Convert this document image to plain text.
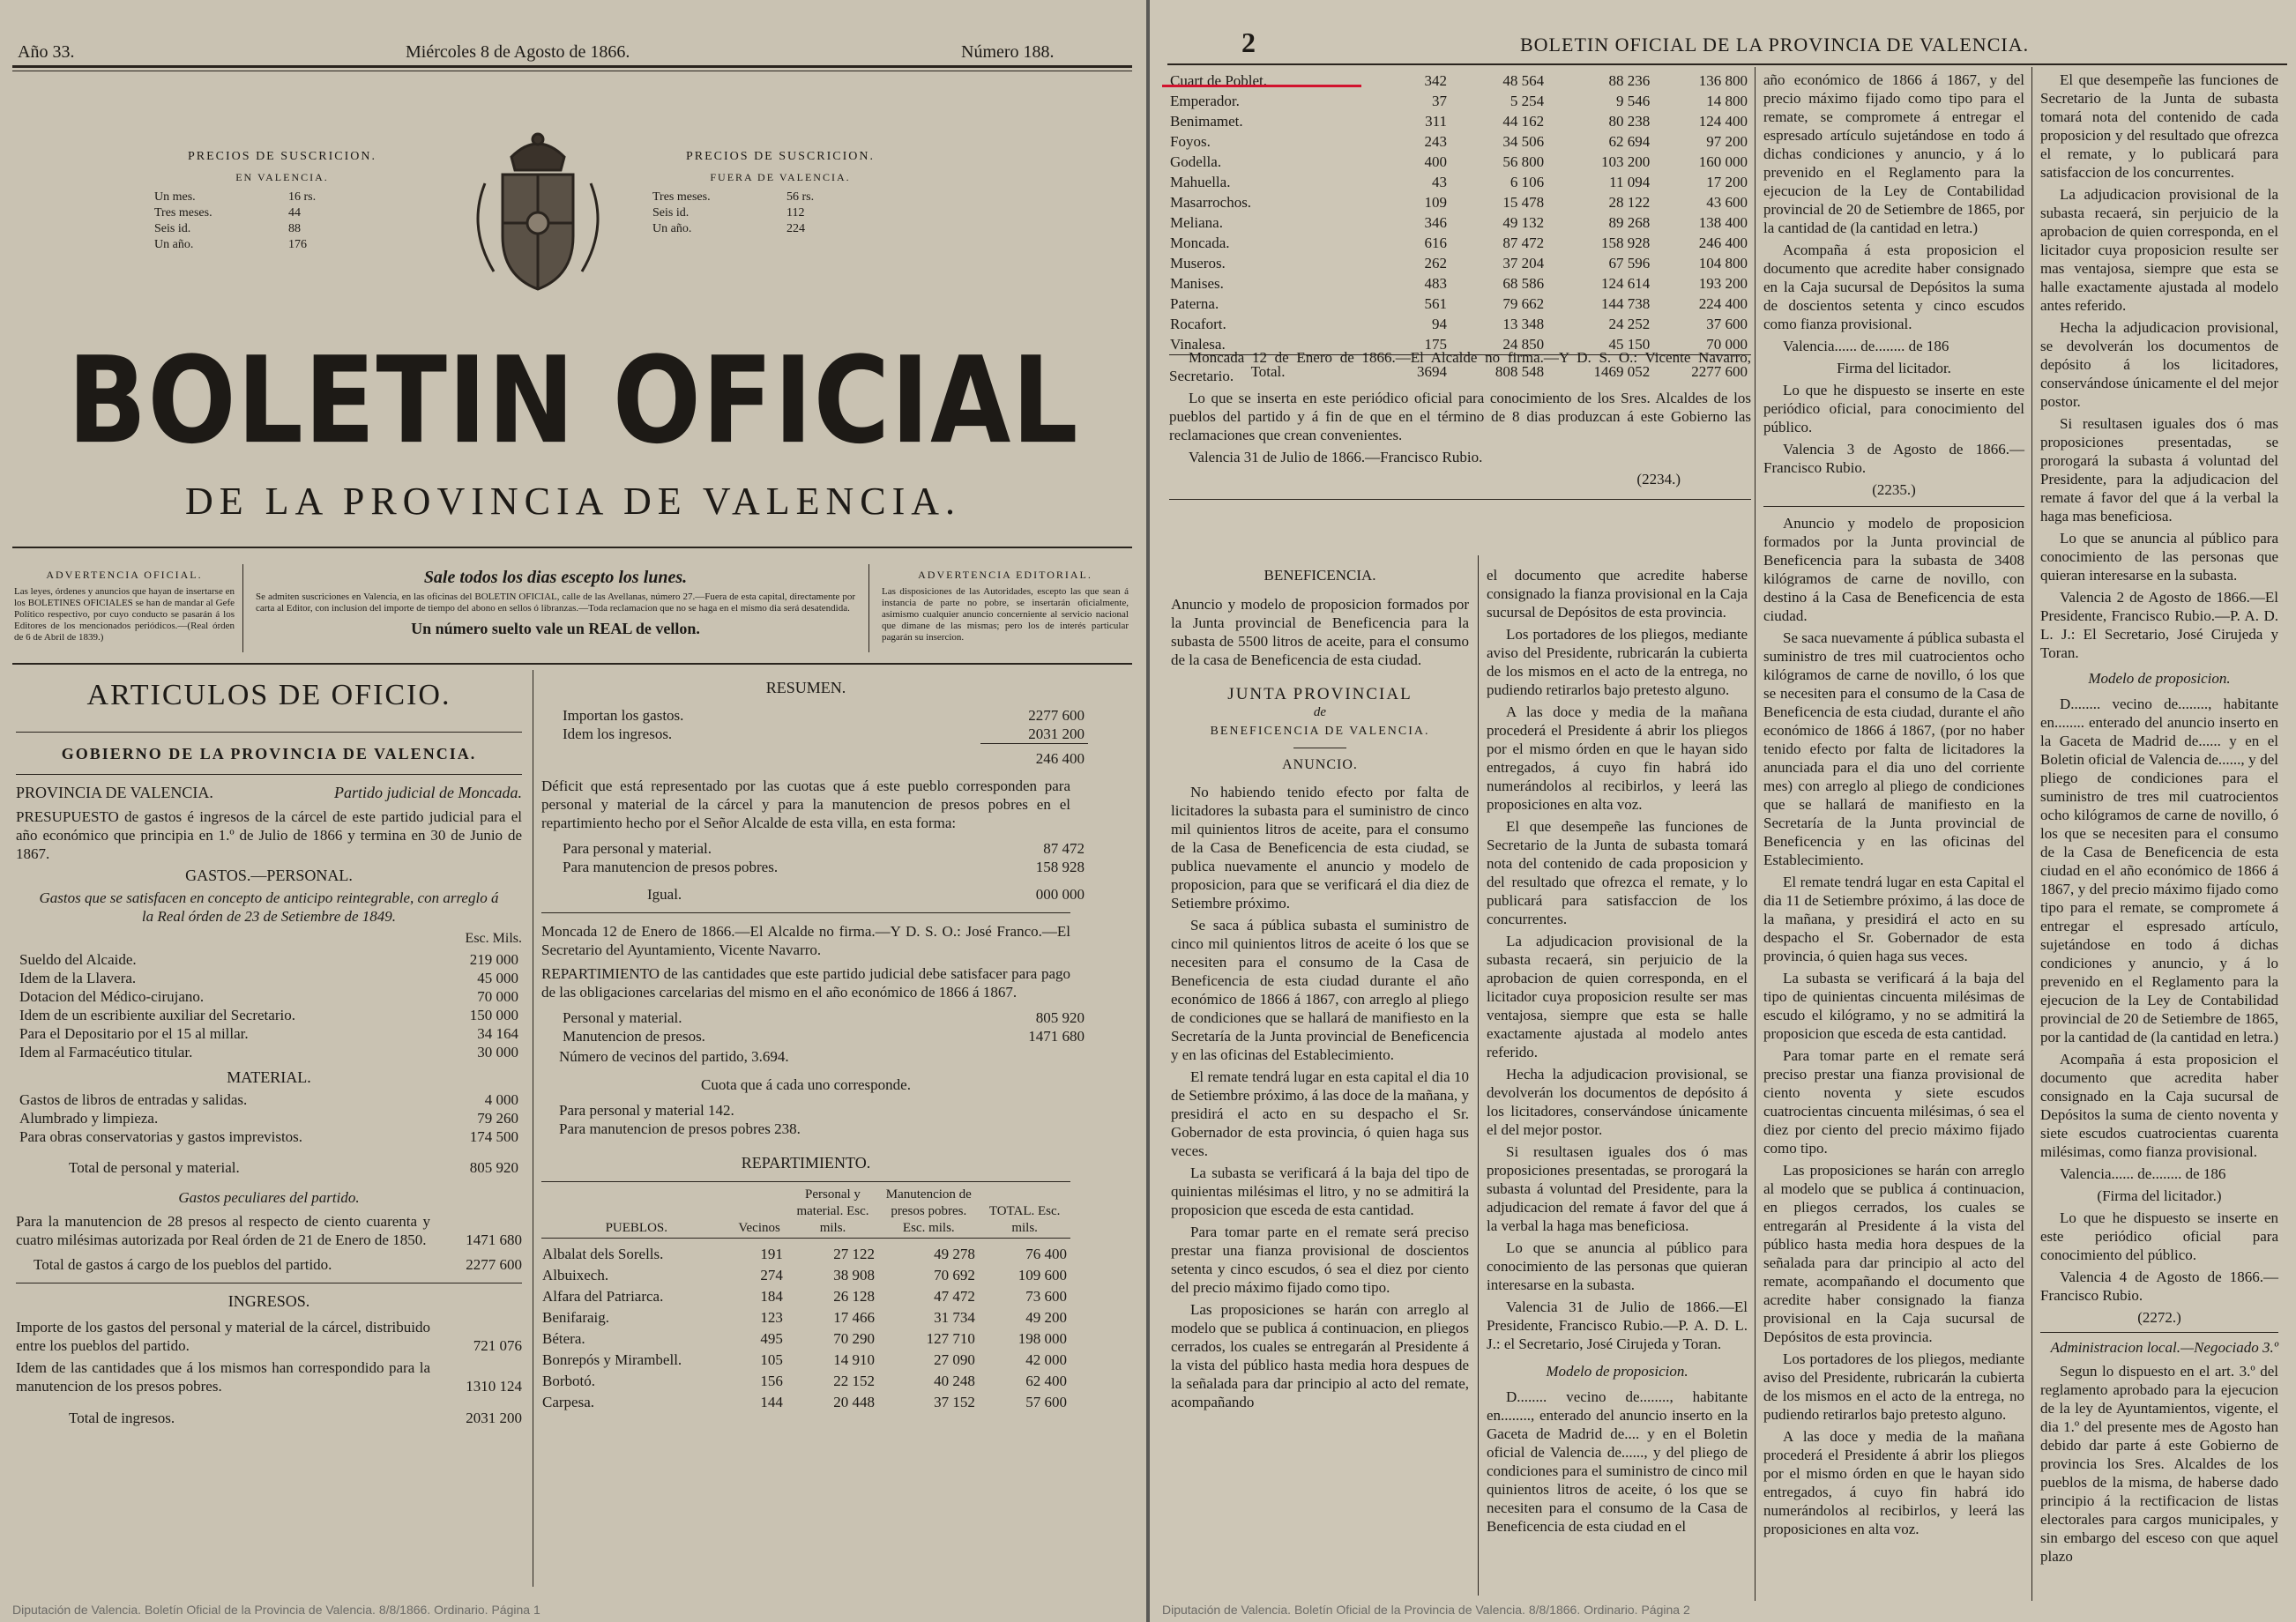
Año 33.	Miércoles 8 de Agosto de 1866.	Número 188.
PRECIOS DE SUSCRICION.
EN VALENCIA.
Un mes.	16 rs.
Tres meses.	44
Seis id.	88
Un año.	176
PRECIOS DE SUSCRICION.
FUERA DE VALENCIA.
Tres meses.	56 rs.
Seis id.	112
Un año.	224
BOLETIN OFICIAL
DE LA PROVINCIA DE VALENCIA.
ADVERTENCIA OFICIAL.
Las leyes, órdenes y anuncios que hayan de insertarse en los BOLETINES OFICIALES se han de mandar al Gefe Político respectivo, por cuyo conducto se pasarán á los Editores de los mencionados periódicos.—(Real órden de 6 de Abril de 1839.)
Sale todos los dias escepto los lunes.
Se admiten suscriciones en Valencia, en las oficinas del BOLETIN OFICIAL, calle de las Avellanas, número 27.—Fuera de esta capital, directamente por carta al Editor, con inclusion del importe de tiempo del abono en sellos ó libranzas.—Toda reclamacion que no se haga en el mismo dia será desatendida.
Un número suelto vale un REAL de vellon.
ADVERTENCIA EDITORIAL.
Las disposiciones de las Autoridades, escepto las que sean á instancia de parte no pobre, se insertarán oficialmente, asimismo cualquier anuncio concerniente al servicio nacional que dimane de las mismas; pero los de interés particular pagarán su insercion.
ARTICULOS DE OFICIO.
GOBIERNO DE LA PROVINCIA DE VALENCIA.
PROVINCIA DE VALENCIA.	Partido judicial de Moncada.
PRESUPUESTO de gastos é ingresos de la cárcel de este partido judicial para el año económico que principia en 1.º de Julio de 1866 y termina en 30 de Junio de 1867.
GASTOS.—PERSONAL.
Gastos que se satisfacen en concepto de anticipo reintegrable, con arreglo á la Real órden de 23 de Setiembre de 1849.
Esc. Mils.
Sueldo del Alcaide.	219 000
Idem de la Llavera.	45 000
Dotacion del Médico-cirujano.	70 000
Idem de un escribiente auxiliar del Secretario.	150 000
Para el Depositario por el 15 al millar.	34 164
Idem al Farmacéutico titular.	30 000
MATERIAL.
Gastos de libros de entradas y salidas.	4 000
Alumbrado y limpieza.	79 260
Para obras conservatorias y gastos imprevistos.	174 500
Total de personal y material.	805 920
Gastos peculiares del partido.
Para la manutencion de 28 presos al respecto de ciento cuarenta y cuatro milésimas autorizada por Real órden de 21 de Enero de 1850.	1471 680
Total de gastos á cargo de los pueblos del partido.	2277 600
INGRESOS.
Importe de los gastos del personal y material de la cárcel, distribuido entre los pueblos del partido.	721 076
Idem de las cantidades que á los mismos han correspondido para la manutencion de los presos pobres.	1310 124
Total de ingresos.	2031 200
RESUMEN.
Importan los gastos.	2277 600
Idem los ingresos.	2031 200
	246 400
Déficit que está representado por las cuotas que á este pueblo corresponden para personal y material de la cárcel y para la manutencion de presos pobres en el repartimiento hecho por el Señor Alcalde de esta villa, en esta forma:
Para personal y material.	87 472
Para manutencion de presos pobres.	158 928
Igual.	000 000
Moncada 12 de Enero de 1866.—El Alcalde no firma.—Y D. S. O.: José Franco.—El Secretario del Ayuntamiento, Vicente Navarro.
REPARTIMIENTO de las cantidades que este partido judicial debe satisfacer para pago de las obligaciones carcelarias del mismo en el año económico de 1866 á 1867.
Personal y material.	805 920
Manutencion de presos.	1471 680
Número de vecinos del partido, 3.694.
Cuota que á cada uno corresponde.
Para personal y material 142.
Para manutencion de presos pobres 238.
REPARTIMIENTO.
PUEBLOS.	Vecinos	Personal y material. Esc. mils.	Manutencion de presos pobres. Esc. mils.	TOTAL. Esc. mils.
Albalat dels Sorells.	191	27 122	49 278	76 400
Albuixech.	274	38 908	70 692	109 600
Alfara del Patriarca.	184	26 128	47 472	73 600
Benifaraig.	123	17 466	31 734	49 200
Bétera.	495	70 290	127 710	198 000
Bonrepós y Mirambell.	105	14 910	27 090	42 000
Borbotó.	156	22 152	40 248	62 400
Carpesa.	144	20 448	37 152	57 600
Diputación de Valencia. Boletín Oficial de la Provincia de Valencia. 8/8/1866. Ordinario. Página 1
2	BOLETIN OFICIAL DE LA PROVINCIA DE VALENCIA.
Cuart de Poblet.	342	48 564	88 236	136 800
Emperador.	37	5 254	9 546	14 800
Benimamet.	311	44 162	80 238	124 400
Foyos.	243	34 506	62 694	97 200
Godella.	400	56 800	103 200	160 000
Mahuella.	43	6 106	11 094	17 200
Masarrochos.	109	15 478	28 122	43 600
Meliana.	346	49 132	89 268	138 400
Moncada.	616	87 472	158 928	246 400
Museros.	262	37 204	67 596	104 800
Manises.	483	68 586	124 614	193 200
Paterna.	561	79 662	144 738	224 400
Rocafort.	94	13 348	24 252	37 600
Vinalesa.	175	24 850	45 150	70 000
Total.	3694	808 548	1469 052	2277 600

Moncada 12 de Enero de 1866.—El Alcalde no firma.—Y D. S. O.: Vicente Navarro, Secretario.

Lo que se inserta en este periódico oficial para conocimiento de los Sres. Alcaldes de los pueblos del partido y á fin de que en el término de 8 dias produzcan á este Gobierno las reclamaciones que crean convenientes.

Valencia 31 de Julio de 1866.—Francisco Rubio.

(2234.)

BENEFICENCIA.

Anuncio y modelo de proposicion formados por la Junta provincial de Beneficencia para la subasta de 5500 litros de aceite, para el consumo de la casa de Beneficencia de esta ciudad.

JUNTA PROVINCIAL
de
BENEFICENCIA DE VALENCIA.
ANUNCIO.

No habiendo tenido efecto por falta de licitadores la subasta para el suministro de cinco mil quinientos litros de aceite, para el consumo de la Casa de Beneficencia de esta ciudad, se publica nuevamente el anuncio y modelo de proposicion, para que se verificará el dia diez de Setiembre próximo.

Se saca á pública subasta el suministro de cinco mil quinientos litros de aceite ó los que se necesiten para el consumo de la Casa de Beneficencia de esta ciudad durante el año económico de 1866 á 1867, con arreglo al pliego de condiciones que se hallará de manifiesto en la Secretaría de la Junta provincial de Beneficencia y en las oficinas del Establecimiento.

El remate tendrá lugar en esta capital el dia 10 de Setiembre próximo, á las doce de la mañana, y presidirá el acto en su despacho el Sr. Gobernador de esta provincia, ó quien haga sus veces.

La subasta se verificará á la baja del tipo de quinientas milésimas el litro, y no se admitirá la proposicion que esceda de esta cantidad.

Para tomar parte en el remate será preciso prestar una fianza provisional de doscientos setenta y cinco escudos, ó sea el diez por ciento del precio máximo fijado como tipo.

Las proposiciones se harán con arreglo al modelo que se publica á continuacion, en pliegos cerrados, los cuales se entregarán al Presidente á la vista del público hasta media hora despues de la señalada para dar principio al acto del remate, acompañando

el documento que acredite haberse consignado la fianza provisional en la Caja sucursal de Depósitos de esta provincia.

Los portadores de los pliegos, mediante aviso del Presidente, rubricarán la cubierta de los mismos en el acto de la entrega, no pudiendo retirarlos bajo pretesto alguno.

A las doce y media de la mañana procederá el Presidente á abrir los pliegos por el mismo órden en que le hayan sido entregados, á cuyo fin habrá ido numerándolos al recibirlos, y leerá las proposiciones en alta voz.

El que desempeñe las funciones de Secretario de la Junta de subasta tomará nota del contenido de cada proposicion y del resultado que ofrezca el remate, y lo publicará para satisfaccion de los concurrentes.

La adjudicacion provisional de la subasta recaerá, sin perjuicio de la aprobacion de quien corresponda, en el licitador cuya proposicion resulte ser mas ventajosa, siempre que esta se halle exactamente ajustada al modelo antes referido.

Hecha la adjudicacion provisional, se devolverán los documentos de depósito á los licitadores, conservándose únicamente el del mejor postor.

Si resultasen iguales dos ó mas proposiciones presentadas, se prorogará la subasta á voluntad del Presidente, para la adjudicacion del remate á favor del que á la verbal la haga mas beneficiosa.

Lo que se anuncia al público para conocimiento de las personas que quieran interesarse en la subasta.

Valencia 31 de Julio de 1866.—El Presidente, Francisco Rubio.—P. A. D. L. J.: el Secretario, José Cirujeda y Toran.

Modelo de proposicion.

D........ vecino de........, habitante en........, enterado del anuncio inserto en la Gaceta de Madrid de.... y en el Boletin oficial de Valencia de......, y del pliego de condiciones para el suministro de cinco mil quinientos litros de aceite, ó los que se necesiten para el consumo de la Casa de Beneficencia de esta ciudad en el

año económico de 1866 á 1867, y del precio máximo fijado como tipo para el remate, se compromete á entregar el espresado artículo sujetándose en todo á dichas condiciones y anuncio, y á lo prevenido en el Reglamento para la ejecucion de la Ley de Contabilidad provincial de 20 de Setiembre de 1865, por la cantidad de (la cantidad en letra.)

Acompaña á esta proposicion el documento que acredite haber consignado en la Caja sucursal de Depósitos la suma de doscientos setenta y cinco escudos como fianza provisional.

Valencia...... de........ de 186

Firma del licitador.

Lo que he dispuesto se inserte en este periódico oficial, para conocimiento del público.

Valencia 3 de Agosto de 1866.—Francisco Rubio.

(2235.)

Anuncio y modelo de proposicion formados por la Junta provincial de Beneficencia para la subasta de 3408 kilógramos de carne de novillo, con destino á la Casa de Beneficencia de esta ciudad.

Se saca nuevamente á pública subasta el suministro de tres mil cuatrocientos ocho kilógramos de carne de novillo, ó los que se necesiten para el consumo de la Casa de Beneficencia de esta ciudad, durante el año económico de 1866 á 1867, (por no haber tenido efecto por falta de licitadores la anunciada para el dia uno del corriente mes) con arreglo al pliego de condiciones que se hallará de manifiesto en la Secretaría de la Junta provincial de Beneficencia y en las oficinas del Establecimiento.

El remate tendrá lugar en esta Capital el dia 11 de Setiembre próximo, á las doce de la mañana, y presidirá el acto en su despacho el Sr. Gobernador de esta provincia, ó quien haga sus veces.

La subasta se verificará á la baja del tipo de quinientas cincuenta milésimas de escudo el kilógramo, y no se admitirá la proposicion que esceda de esta cantidad.

Para tomar parte en el remate será preciso prestar una fianza provisional de ciento noventa y siete escudos cuatrocientas cincuenta milésimas, ó sea el diez por ciento del precio máximo fijado como tipo.

Las proposiciones se harán con arreglo al modelo que se publica á continuacion, en pliegos cerrados, los cuales se entregarán al Presidente á la vista del público hasta media hora despues de la señalada para dar principio al acto del remate, acompañando el documento que acredite haber consignado la fianza provisional en la Caja sucursal de Depósitos de esta provincia.

Los portadores de los pliegos, mediante aviso del Presidente, rubricarán la cubierta de los mismos en el acto de la entrega, no pudiendo retirarlos bajo pretesto alguno.

A las doce y media de la mañana procederá el Presidente á abrir los pliegos por el mismo órden en que le hayan sido entregados, á cuyo fin habrá ido numerándolos al recibirlos, y leerá las proposiciones en alta voz.

El que desempeñe las funciones de Secretario de la Junta de subasta tomará nota del contenido de cada proposicion y del resultado que ofrezca el remate, y lo publicará para satisfaccion de los concurrentes.

La adjudicacion provisional de la subasta recaerá, sin perjuicio de la aprobacion de quien corresponda, en el licitador cuya proposicion resulte ser mas ventajosa, siempre que esta se halle exactamente ajustada al modelo antes referido.

Hecha la adjudicacion provisional, se devolverán los documentos de depósito á los licitadores, conservándose únicamente el del mejor postor.

Si resultasen iguales dos ó mas proposiciones presentadas, se prorogará la subasta á voluntad del Presidente, para la adjudicacion del remate á favor del que á la verbal la haga mas beneficiosa.

Lo que se anuncia al público para conocimiento de las personas que quieran interesarse en la subasta.

Valencia 2 de Agosto de 1866.—El Presidente, Francisco Rubio.—P. A. D. L. J.: El Secretario, José Cirujeda y Toran.

Modelo de proposicion.

D........ vecino de........, habitante en........ enterado del anuncio inserto en la Gaceta de Madrid de...... y en el Boletin oficial de Valencia de......, y del pliego de condiciones para el suministro de tres mil cuatrocientos ocho kilógramos de carne de novillo, ó los que se necesiten para el consumo de la Casa de Beneficencia de esta ciudad en el año económico de 1866 á 1867, y del precio máximo fijado como tipo para el remate, se compromete á entregar el espresado artículo, sujetándose en todo á dichas condiciones y anuncio, y á lo prevenido en el Reglamento para la ejecucion de la Ley de Contabilidad provincial de 20 de Setiembre de 1865, por la cantidad de (la cantidad en letra.)

Acompaña á esta proposicion el documento que acredita haber consignado en la Caja sucursal de Depósitos la suma de ciento noventa y siete escudos cuatrocientas cuarenta milésimas, como fianza provisional.

Valencia...... de........ de 186

(Firma del licitador.)

Lo que he dispuesto se inserte en este periódico oficial para conocimiento del público.

Valencia 4 de Agosto de 1866.—Francisco Rubio.

(2272.)

Administracion local.—Negociado 3.º

Segun lo dispuesto en el art. 3.º del reglamento aprobado para la ejecucion de la ley de Ayuntamientos, vigente, el dia 1.º del presente mes de Agosto han debido dar parte á este Gobierno de provincia los Sres. Alcaldes de los pueblos de la misma, de haberse dado principio á la rectificacion de listas electorales para cargos municipales, y sin embargo del esceso con que aquel plazo

Diputación de Valencia. Boletín Oficial de la Provincia de Valencia. 8/8/1866. Ordinario. Página 2
